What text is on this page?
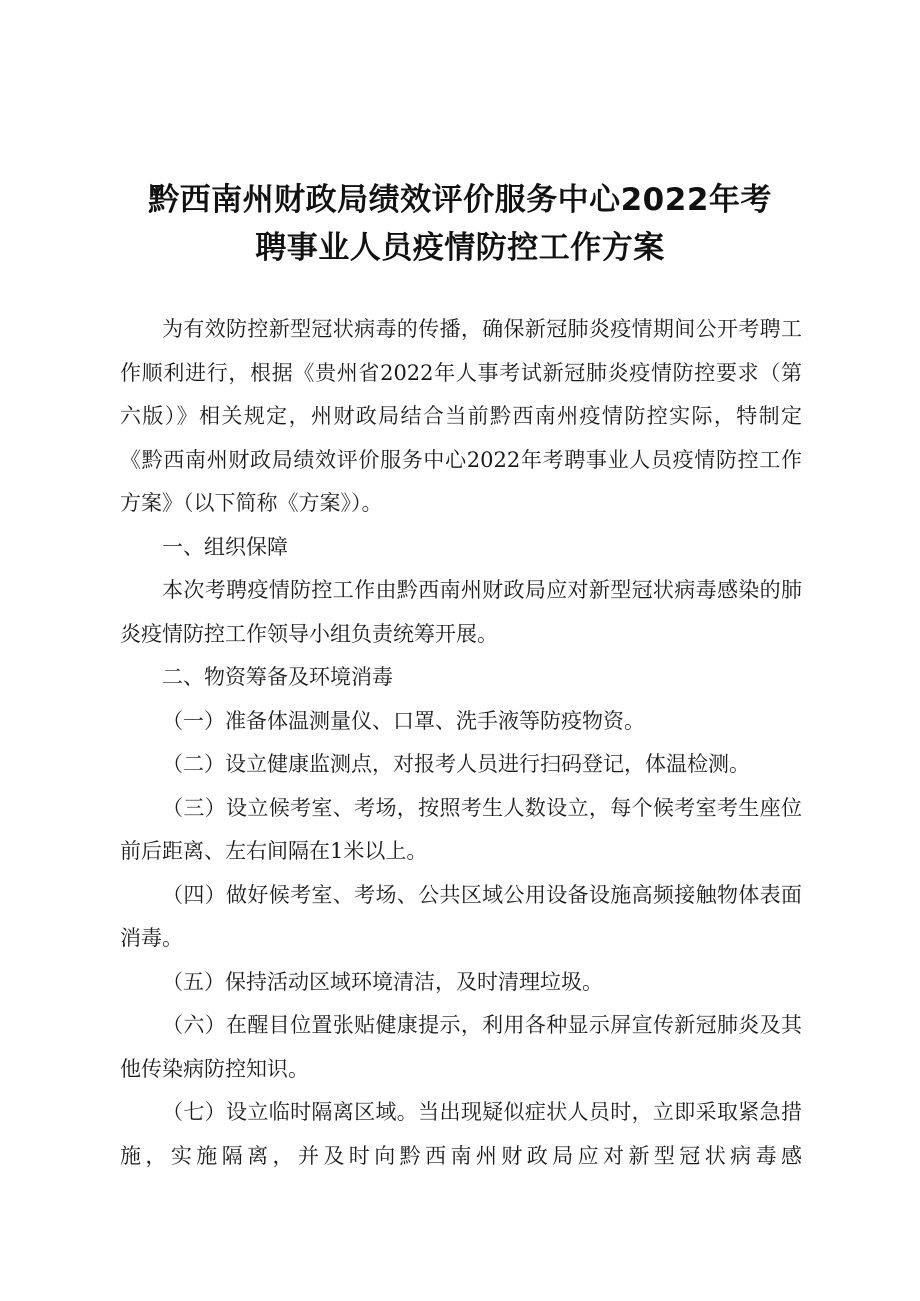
黔西南州财政局绩效评价服务中心2022年考
聘事业人员疫情防控工作方案

为有效防控新型冠状病毒的传播，确保新冠肺炎疫情期间公开考聘工作顺利进行，根据《贵州省2022年人事考试新冠肺炎疫情防控要求（第六版）》相关规定，州财政局结合当前黔西南州疫情防控实际，特制定《黔西南州财政局绩效评价服务中心2022年考聘事业人员疫情防控工作方案》（以下简称《方案》）。

一、组织保障

本次考聘疫情防控工作由黔西南州财政局应对新型冠状病毒感染的肺炎疫情防控工作领导小组负责统筹开展。

二、物资筹备及环境消毒

（一）准备体温测量仪、口罩、洗手液等防疫物资。

（二）设立健康监测点，对报考人员进行扫码登记，体温检测。

（三）设立候考室、考场，按照考生人数设立，每个候考室考生座位前后距离、左右间隔在1米以上。

（四）做好候考室、考场、公共区域公用设备设施高频接触物体表面消毒。

（五）保持活动区域环境清洁，及时清理垃圾。

（六）在醒目位置张贴健康提示，利用各种显示屏宣传新冠肺炎及其他传染病防控知识。

（七）设立临时隔离区域。当出现疑似症状人员时，立即采取紧急措施，实施隔离，并及时向黔西南州财政局应对新型冠状病毒感
